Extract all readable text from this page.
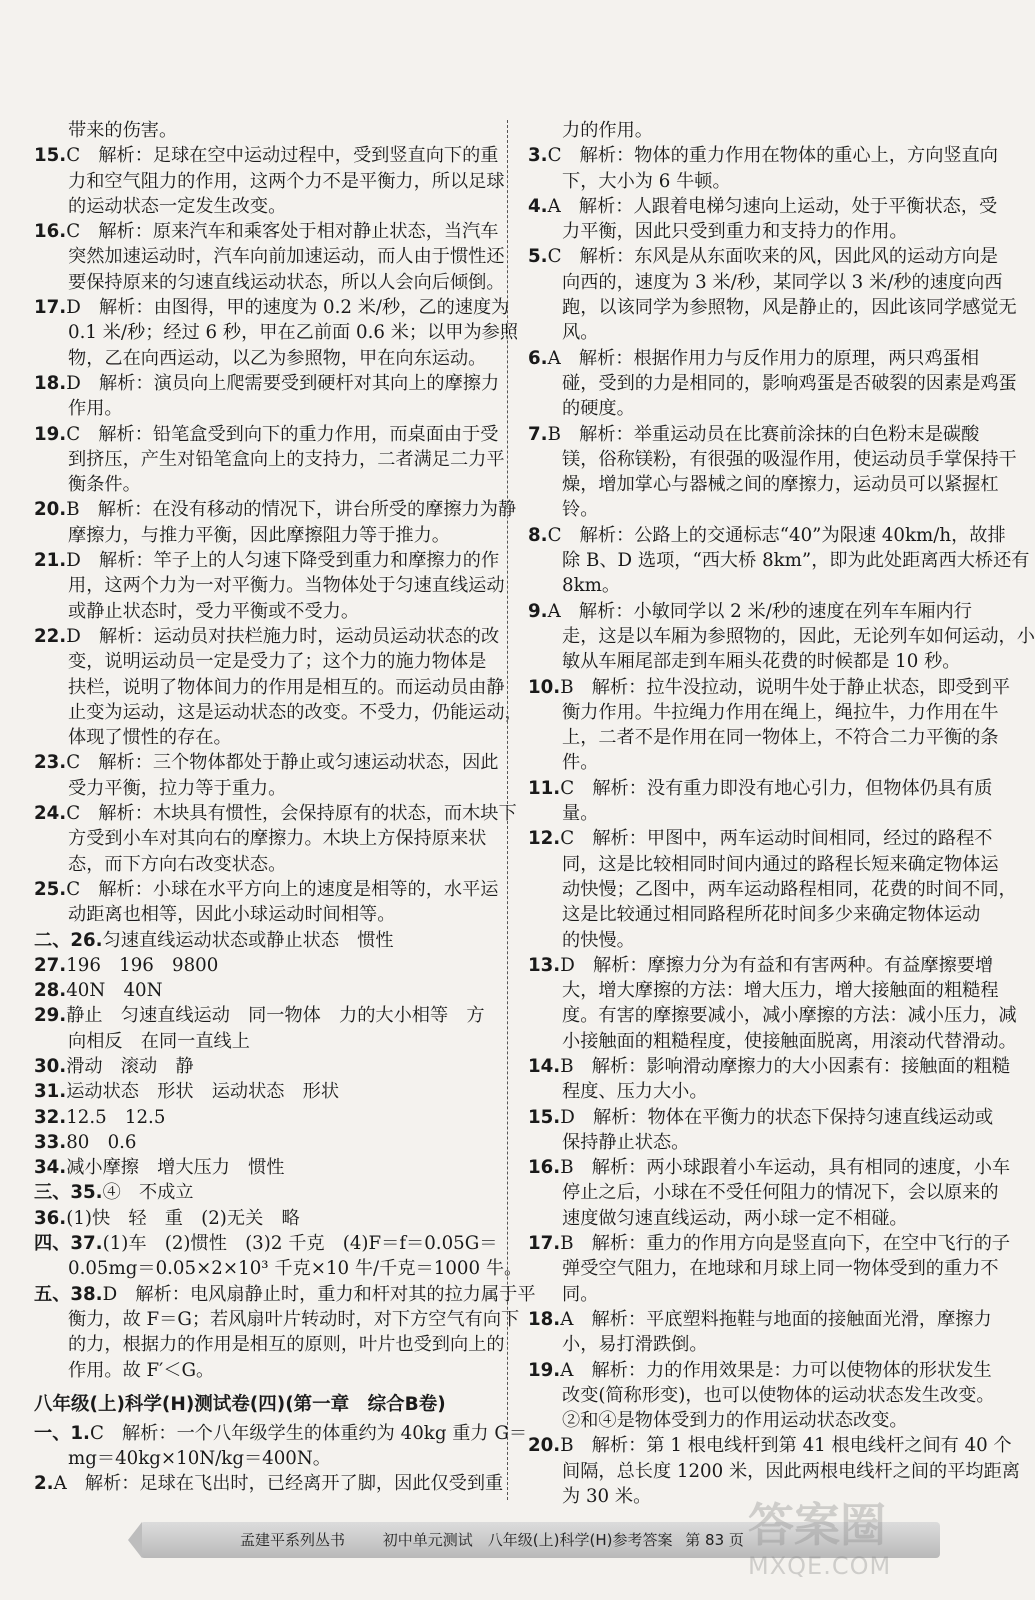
带来的伤害。
15.C　解析：足球在空中运动过程中，受到竖直向下的重
力和空气阻力的作用，这两个力不是平衡力，所以足球
的运动状态一定发生改变。
16.C　解析：原来汽车和乘客处于相对静止状态，当汽车
突然加速运动时，汽车向前加速运动，而人由于惯性还
要保持原来的匀速直线运动状态，所以人会向后倾倒。
17.D　解析：由图得，甲的速度为 0.2 米/秒，乙的速度为
0.1 米/秒；经过 6 秒，甲在乙前面 0.6 米；以甲为参照
物，乙在向西运动，以乙为参照物，甲在向东运动。
18.D　解析：演员向上爬需要受到硬杆对其向上的摩擦力
作用。
19.C　解析：铅笔盒受到向下的重力作用，而桌面由于受
到挤压，产生对铅笔盒向上的支持力，二者满足二力平
衡条件。
20.B　解析：在没有移动的情况下，讲台所受的摩擦力为静
摩擦力，与推力平衡，因此摩擦阻力等于推力。
21.D　解析：竿子上的人匀速下降受到重力和摩擦力的作
用，这两个力为一对平衡力。当物体处于匀速直线运动
或静止状态时，受力平衡或不受力。
22.D　解析：运动员对扶栏施力时，运动员运动状态的改
变，说明运动员一定是受力了；这个力的施力物体是
扶栏，说明了物体间力的作用是相互的。而运动员由静
止变为运动，这是运动状态的改变。不受力，仍能运动，
体现了惯性的存在。
23.C　解析：三个物体都处于静止或匀速运动状态，因此
受力平衡，拉力等于重力。
24.C　解析：木块具有惯性，会保持原有的状态，而木块下
方受到小车对其向右的摩擦力。木块上方保持原来状
态，而下方向右改变状态。
25.C　解析：小球在水平方向上的速度是相等的，水平运
动距离也相等，因此小球运动时间相等。
二、26.匀速直线运动状态或静止状态　惯性
27.196　196　9800
28.40N　40N
29.静止　匀速直线运动　同一物体　力的大小相等　方
向相反　在同一直线上
30.滑动　滚动　静
31.运动状态　形状　运动状态　形状
32.12.5　12.5
33.80　0.6
34.减小摩擦　增大压力　惯性
三、35.④　不成立
36.(1)快　轻　重　(2)无关　略
四、37.(1)车　(2)惯性　(3)2 千克　(4)F＝f＝0.05G＝
0.05mg＝0.05×2×10³ 千克×10 牛/千克＝1000 牛。
五、38.D　解析：电风扇静止时，重力和杆对其的拉力属于平
衡力，故 F＝G；若风扇叶片转动时，对下方空气有向下
的力，根据力的作用是相互的原则，叶片也受到向上的
作用。故 F′＜G。
八年级(上)科学(H)测试卷(四)(第一章　综合B卷)
一、1.C　解析：一个八年级学生的体重约为 40kg 重力 G＝
mg＝40kg×10N/kg＝400N。
2.A　解析：足球在飞出时，已经离开了脚，因此仅受到重
力的作用。
3.C　解析：物体的重力作用在物体的重心上，方向竖直向
下，大小为 6 牛顿。
4.A　解析：人跟着电梯匀速向上运动，处于平衡状态，受
力平衡，因此只受到重力和支持力的作用。
5.C　解析：东风是从东面吹来的风，因此风的运动方向是
向西的，速度为 3 米/秒，某同学以 3 米/秒的速度向西
跑，以该同学为参照物，风是静止的，因此该同学感觉无
风。
6.A　解析：根据作用力与反作用力的原理，两只鸡蛋相
碰，受到的力是相同的，影响鸡蛋是否破裂的因素是鸡蛋
的硬度。
7.B　解析：举重运动员在比赛前涂抹的白色粉末是碳酸
镁，俗称镁粉，有很强的吸湿作用，使运动员手掌保持干
燥，增加掌心与器械之间的摩擦力，运动员可以紧握杠
铃。
8.C　解析：公路上的交通标志“40”为限速 40km/h，故排
除 B、D 选项，“西大桥 8km”，即为此处距离西大桥还有
8km。
9.A　解析：小敏同学以 2 米/秒的速度在列车车厢内行
走，这是以车厢为参照物的，因此，无论列车如何运动，小
敏从车厢尾部走到车厢头花费的时候都是 10 秒。
10.B　解析：拉牛没拉动，说明牛处于静止状态，即受到平
衡力作用。牛拉绳力作用在绳上，绳拉牛，力作用在牛
上，二者不是作用在同一物体上，不符合二力平衡的条
件。
11.C　解析：没有重力即没有地心引力，但物体仍具有质
量。
12.C　解析：甲图中，两车运动时间相同，经过的路程不
同，这是比较相同时间内通过的路程长短来确定物体运
动快慢；乙图中，两车运动路程相同，花费的时间不同，
这是比较通过相同路程所花时间多少来确定物体运动
的快慢。
13.D　解析：摩擦力分为有益和有害两种。有益摩擦要增
大，增大摩擦的方法：增大压力，增大接触面的粗糙程
度。有害的摩擦要减小，减小摩擦的方法：减小压力，减
小接触面的粗糙程度，使接触面脱离，用滚动代替滑动。
14.B　解析：影响滑动摩擦力的大小因素有：接触面的粗糙
程度、压力大小。
15.D　解析：物体在平衡力的状态下保持匀速直线运动或
保持静止状态。
16.B　解析：两小球跟着小车运动，具有相同的速度，小车
停止之后，小球在不受任何阻力的情况下，会以原来的
速度做匀速直线运动，两小球一定不相碰。
17.B　解析：重力的作用方向是竖直向下，在空中飞行的子
弹受空气阻力，在地球和月球上同一物体受到的重力不
同。
18.A　解析：平底塑料拖鞋与地面的接触面光滑，摩擦力
小，易打滑跌倒。
19.A　解析：力的作用效果是：力可以使物体的形状发生
改变(简称形变)，也可以使物体的运动状态发生改变。
②和④是物体受到力的作用运动状态改变。
20.B　解析：第 1 根电线杆到第 41 根电线杆之间有 40 个
间隔，总长度 1200 米，因此两根电线杆之间的平均距离
为 30 米。
孟建平系列丛书　	初中单元测试　八年级(上)科学(H)参考答案 第 83 页 答案圈
MXQE.COM
